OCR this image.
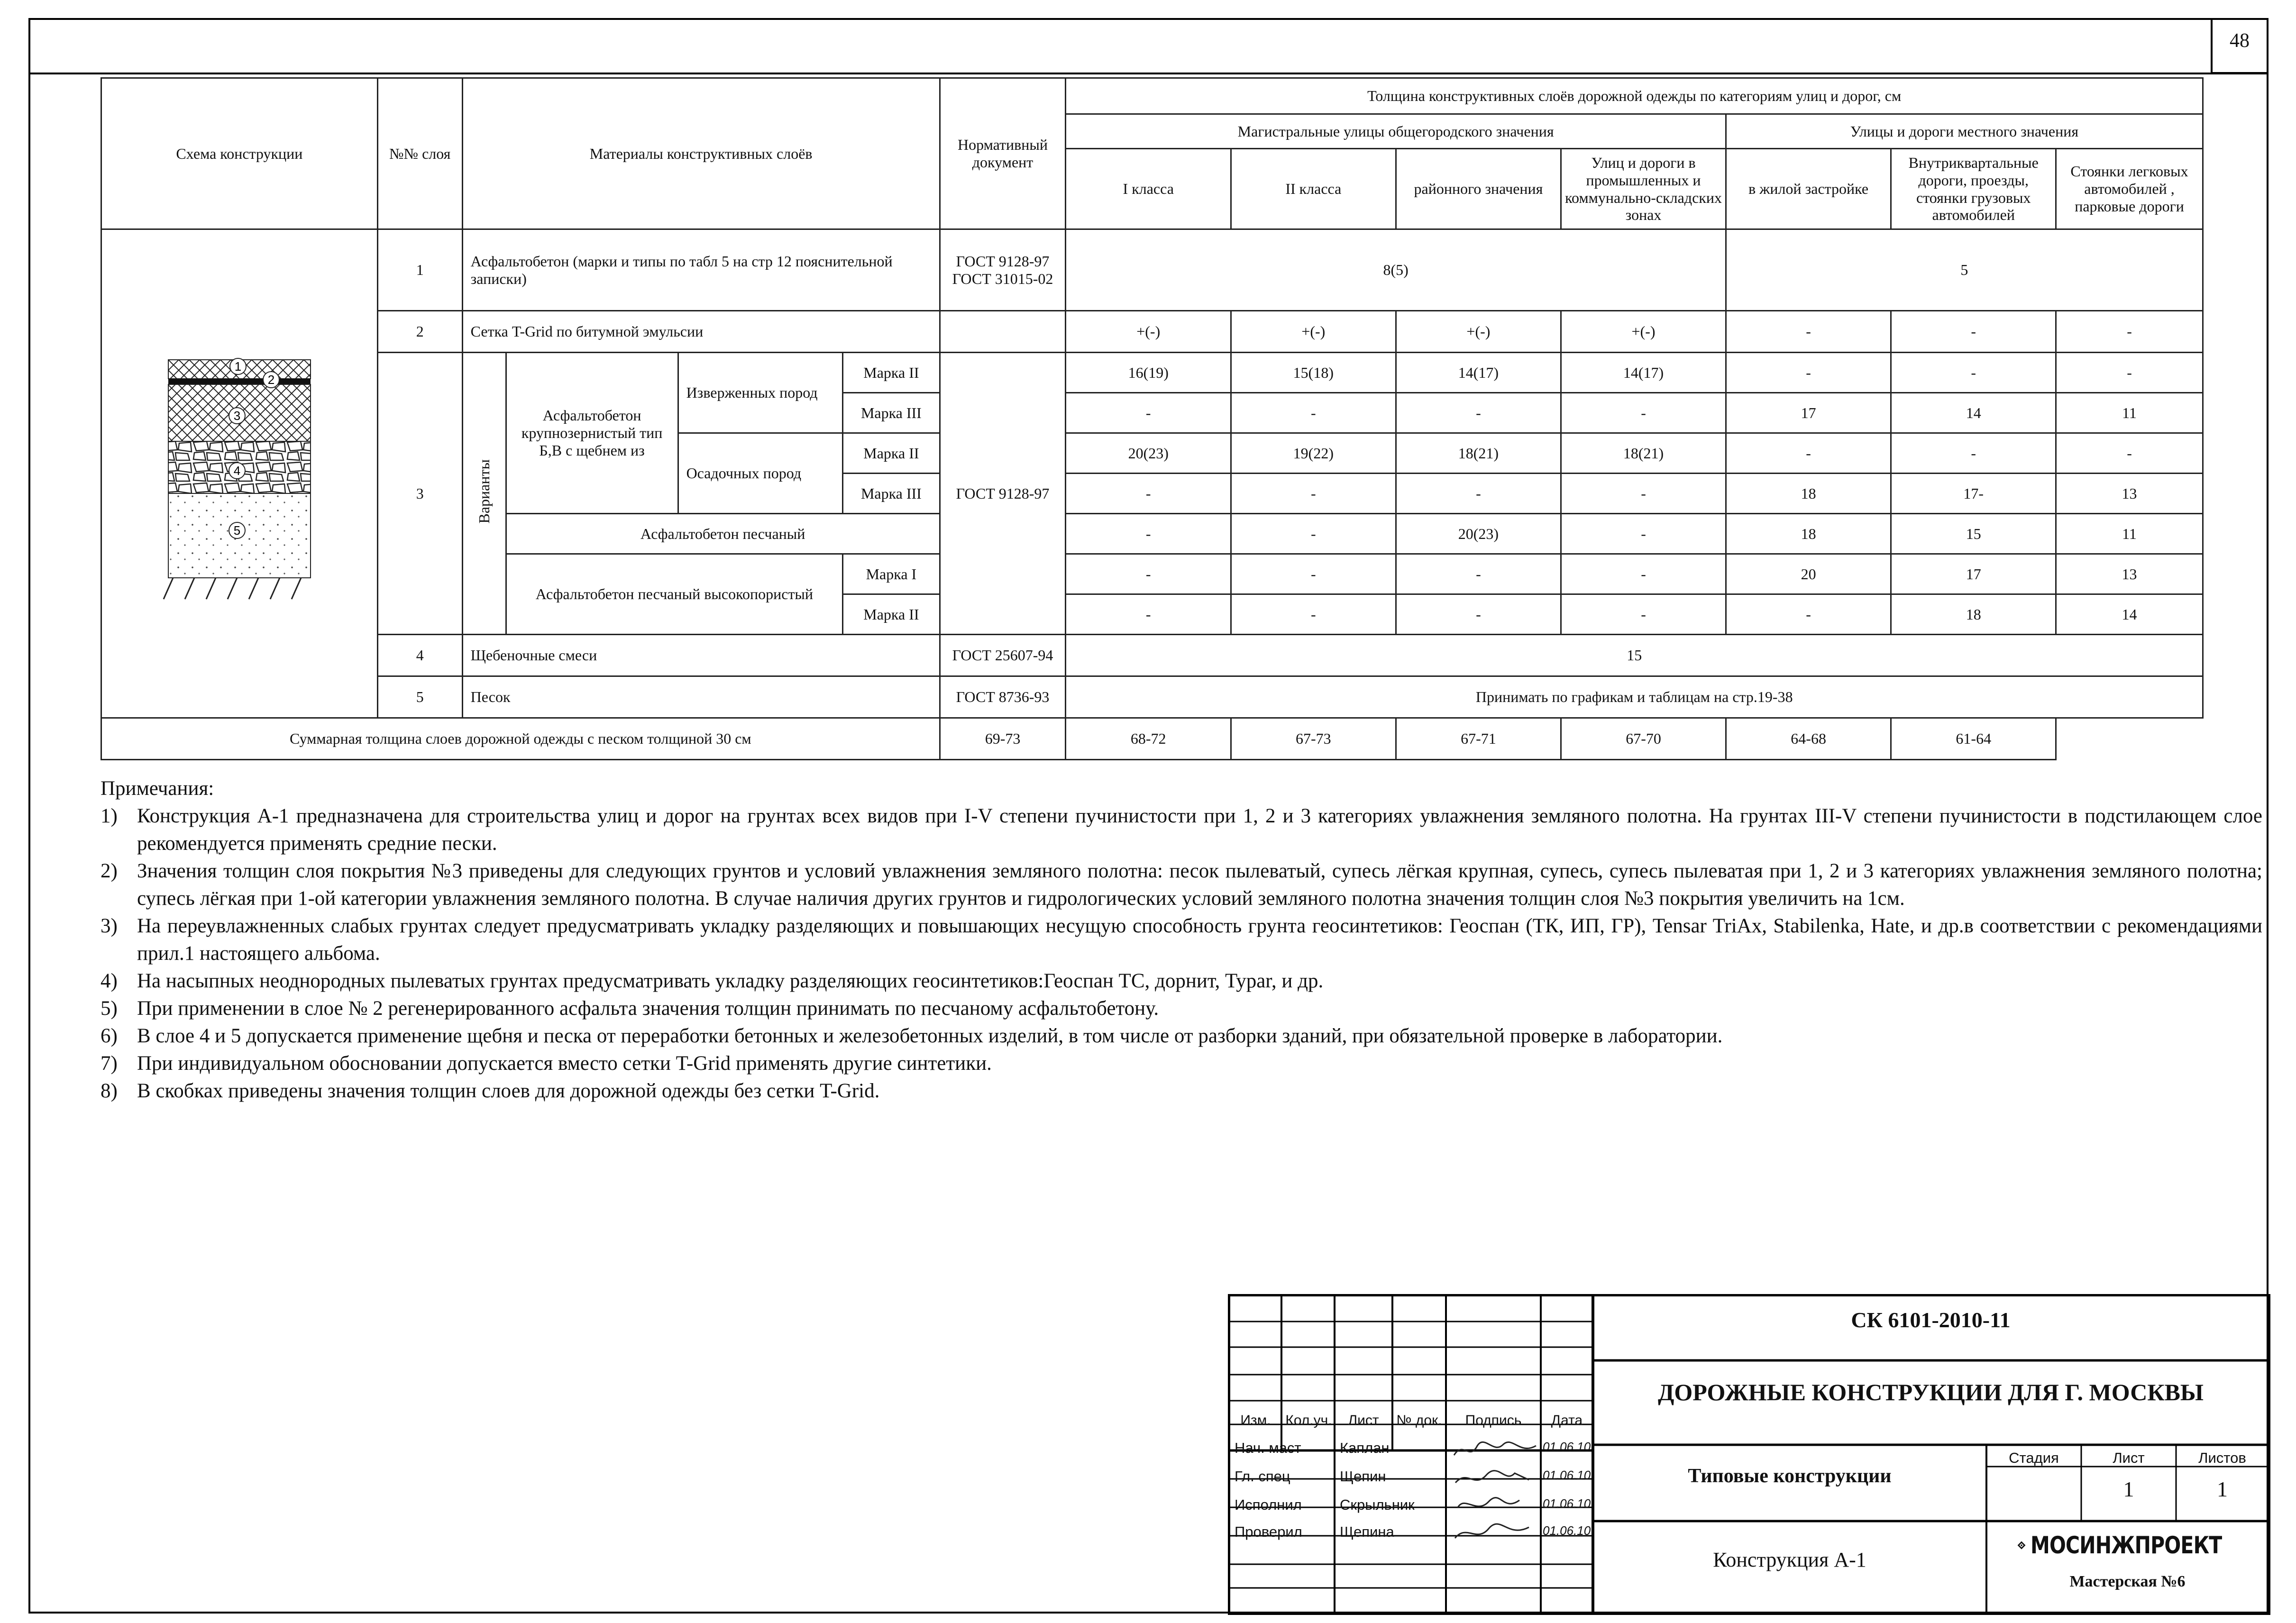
48
Схема конструкции	№№ слоя	Материалы конструктивных слоёв				Нормативный документ	Толщина конструктивных слоёв дорожной одежды по категориям улиц и дорог, см						
							Магистральные улицы общегородского значения				Улицы и дороги местного значения		
							I класса	II класса	районного значения	Улиц и дороги в промышленных и коммунально-складских зонах	в жилой застройке	Внутриквартальные дороги, проезды, стоянки грузовых автомобилей	Стоянки легковых автомобилей , парковые дороги

1
2
3
4
5	1	Асфальтобетон (марки и типы по табл 5 на стр 12 пояснительной записки)				ГОСТ 9128-97 ГОСТ 31015-02	8(5)				5		
	2	Сетка T-Grid по битумной эмульсии					+(-)	+(-)	+(-)	+(-)	-	-	-
	3	Варианты	Асфальтобетон крупнозернистый тип Б,В с щебнем из	Изверженных пород	Марка II	ГОСТ 9128-97	16(19)	15(18)	14(17)	14(17)	-	-	-
					Марка III		-	-	-	-	17	14	11
				Осадочных пород	Марка II		20(23)	19(22)	18(21)	18(21)	-	-	-
					Марка III		-	-	-	-	18	17-	13
			Асфальтобетон песчаный				-	-	20(23)	-	18	15	11
			Асфальтобетон песчаный высокопористый		Марка I		-	-	-	-	20	17	13
					Марка II		-	-	-	-	-	18	14
	4	Щебеночные смеси				ГОСТ 25607-94	15						
	5	Песок				ГОСТ 8736-93	Принимать по графикам и таблицам на стр.19-38						
Суммарная толщина слоев дорожной одежды с песком толщиной 30 см						69-73	68-72	67-73	67-71	67-70	64-68	61-64	
Примечания:
1) Конструкция А-1 предназначена для строительства улиц и дорог на грунтах всех видов при I-V степени пучинистости при 1, 2 и 3 категориях увлажнения земляного полотна. На грунтах III-V степени пучинистости в подстилающем слое рекомендуется применять средние пески.
2) Значения толщин слоя покрытия №3 приведены для следующих грунтов и условий увлажнения земляного полотна: песок пылеватый, супесь лёгкая крупная, супесь, супесь пылеватая при 1, 2 и 3 категориях увлажнения земляного полотна; супесь лёгкая при 1-ой категории увлажнения земляного полотна. В случае наличия других грунтов и гидрологических условий земляного полотна значения толщин слоя №3 покрытия увеличить на 1см.
3) На переувлажненных слабых грунтах следует предусматривать укладку разделяющих и повышающих несущую способность грунта геосинтетиков: Геоспан (ТК, ИП, ГР), Tensar TriAx, Stabilenka, Hate, и др.в соответствии с рекомендациями прил.1 настоящего альбома.
4) На насыпных неоднородных пылеватых грунтах предусматривать укладку разделяющих геосинтетиков:Геоспан ТС, дорнит, Typar, и др.
5) При применении в слое № 2 регенерированного асфальта значения толщин принимать по песчаному асфальтобетону.
6) В слое 4 и 5 допускается применение щебня и песка от переработки бетонных и железобетонных изделий, в том числе от разборки зданий, при обязательной проверке в лаборатории.
7) При индивидуальном обосновании допускается вместо сетки T-Grid применять другие синтетики.
8) В скобках приведены значения толщин слоев для дорожной одежды без сетки T-Grid.
Изм.	Кол.уч.	Лист	№ док.	Подпись	Дата
Нач. маст	Каплан	01.06.10
Гл. спец	Щепин	01.06.10
Исполнил	Скрыльник	01.06.10
Проверил	Щепина	01.06.10
СК 6101-2010-11
ДОРОЖНЫЕ КОНСТРУКЦИИ ДЛЯ Г. МОСКВЫ
Типовые конструкции
Стадия	Лист	Листов
1	1
Конструкция А-1
МОСИНЖПРОЕКТ
Мастерская №6
